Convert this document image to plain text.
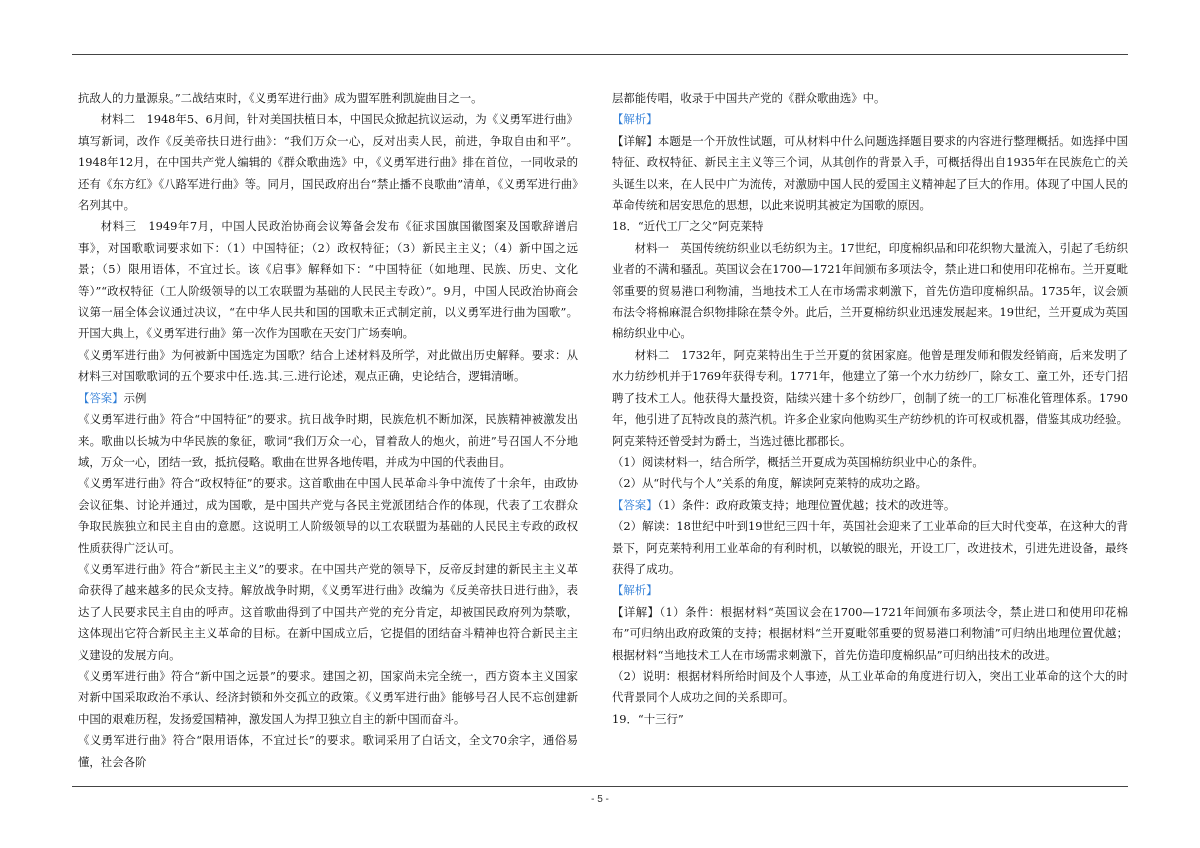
抗敌人的力量源泉。”二战结束时，《义勇军进行曲》成为盟军胜利凯旋曲目之一。

材料二　1948年5、6月间，针对美国扶植日本，中国民众掀起抗议运动，为《义勇军进行曲》填写新词，改作《反美帝扶日进行曲》：“我们万众一心，反对出卖人民，前进，争取自由和平”。1948年12月，在中国共产党人编辑的《群众歌曲选》中，《义勇军进行曲》排在首位，一同收录的还有《东方红》《八路军进行曲》等。同月，国民政府出台“禁止播不良歌曲”清单，《义勇军进行曲》名列其中。

材料三　1949年7月，中国人民政治协商会议筹备会发布《征求国旗国徽图案及国歌辞谱启事》，对国歌歌词要求如下：（1）中国特征；（2）政权特征；（3）新民主主义；（4）新中国之远景；（5）限用语体，不宜过长。该《启事》解释如下：“中国特征（如地理、民族、历史、文化等）”“政权特征（工人阶级领导的以工农联盟为基础的人民民主专政）”。9月，中国人民政治协商会议第一届全体会议通过决议，“在中华人民共和国的国歌未正式制定前，以义勇军进行曲为国歌”。开国大典上，《义勇军进行曲》第一次作为国歌在天安门广场奏响。

《义勇军进行曲》为何被新中国选定为国歌？结合上述材料及所学，对此做出历史解释。要求：从材料三对国歌歌词的五个要求中任.选.其.三.进行论述，观点正确，史论结合，逻辑清晰。

【答案】示例

《义勇军进行曲》符合“中国特征”的要求。抗日战争时期，民族危机不断加深，民族精神被激发出来。歌曲以长城为中华民族的象征，歌词“我们万众一心，冒着敌人的炮火，前进”号召国人不分地域，万众一心，团结一致，抵抗侵略。歌曲在世界各地传唱，并成为中国的代表曲目。

《义勇军进行曲》符合“政权特征”的要求。这首歌曲在中国人民革命斗争中流传了十余年，由政协会议征集、讨论并通过，成为国歌，是中国共产党与各民主党派团结合作的体现，代表了工农群众争取民族独立和民主自由的意愿。这说明工人阶级领导的以工农联盟为基础的人民民主专政的政权性质获得广泛认可。

《义勇军进行曲》符合“新民主主义”的要求。在中国共产党的领导下，反帝反封建的新民主主义革命获得了越来越多的民众支持。解放战争时期，《义勇军进行曲》改编为《反美帝扶日进行曲》，表达了人民要求民主自由的呼声。这首歌曲得到了中国共产党的充分肯定，却被国民政府列为禁歌，这体现出它符合新民主主义革命的目标。在新中国成立后，它提倡的团结奋斗精神也符合新民主主义建设的发展方向。

《义勇军进行曲》符合“新中国之远景”的要求。建国之初，国家尚未完全统一，西方资本主义国家对新中国采取政治不承认、经济封锁和外交孤立的政策。《义勇军进行曲》能够号召人民不忘创建新中国的艰难历程，发扬爱国精神，激发国人为捍卫独立自主的新中国而奋斗。

《义勇军进行曲》符合“限用语体，不宜过长”的要求。歌词采用了白话文，全文70余字，通俗易懂，社会各阶

层都能传唱，收录于中国共产党的《群众歌曲选》中。

【解析】

【详解】本题是一个开放性试题，可从材料中什么问题选择题目要求的内容进行整理概括。如选择中国特征、政权特征、新民主主义等三个词，从其创作的背景入手，可概括得出自1935年在民族危亡的关头诞生以来，在人民中广为流传，对激励中国人民的爱国主义精神起了巨大的作用。体现了中国人民的革命传统和居安思危的思想，以此来说明其被定为国歌的原因。

18．“近代工厂之父”阿克莱特

材料一　英国传统纺织业以毛纺织为主。17世纪，印度棉织品和印花织物大量流入，引起了毛纺织业者的不满和骚乱。英国议会在1700—1721年间颁布多项法令，禁止进口和使用印花棉布。兰开夏毗邻重要的贸易港口利物浦，当地技术工人在市场需求刺激下，首先仿造印度棉织品。1735年，议会颁布法令将棉麻混合织物排除在禁令外。此后，兰开夏棉纺织业迅速发展起来。19世纪，兰开夏成为英国棉纺织业中心。

材料二　1732年，阿克莱特出生于兰开夏的贫困家庭。他曾是理发师和假发经销商，后来发明了水力纺纱机并于1769年获得专利。1771年，他建立了第一个水力纺纱厂，除女工、童工外，还专门招聘了技术工人。他获得大量投资，陆续兴建十多个纺纱厂，创制了统一的工厂标准化管理体系。1790年，他引进了瓦特改良的蒸汽机。许多企业家向他购买生产纺纱机的许可权或机器，借鉴其成功经验。阿克莱特还曾受封为爵士，当选过德比郡郡长。

（1）阅读材料一，结合所学，概括兰开夏成为英国棉纺织业中心的条件。

（2）从“时代与个人”关系的角度，解读阿克莱特的成功之路。

【答案】（1）条件：政府政策支持；地理位置优越；技术的改进等。

（2）解读：18世纪中叶到19世纪三四十年，英国社会迎来了工业革命的巨大时代变革，在这种大的背景下，阿克莱特利用工业革命的有利时机，以敏锐的眼光，开设工厂，改进技术，引进先进设备，最终获得了成功。

【解析】

【详解】（1）条件：根据材料“英国议会在1700—1721年间颁布多项法令，禁止进口和使用印花棉布”可归纳出政府政策的支持；根据材料“兰开夏毗邻重要的贸易港口利物浦”可归纳出地理位置优越；根据材料“当地技术工人在市场需求刺激下，首先仿造印度棉织品”可归纳出技术的改进。

（2）说明：根据材料所给时间及个人事迹，从工业革命的角度进行切入，突出工业革命的这个大的时代背景同个人成功之间的关系即可。

19．“十三行”

- 5 -
